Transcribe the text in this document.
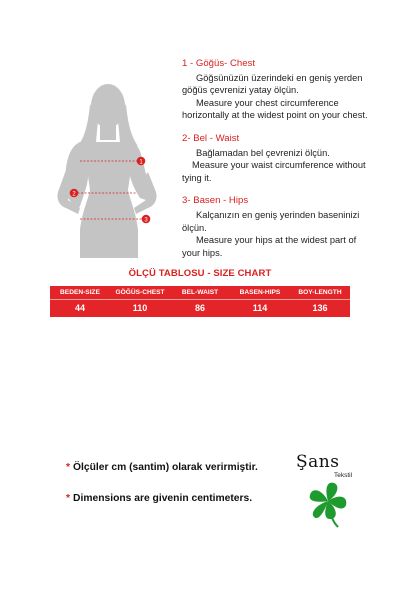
1
2
3
1 - Göğüs- Chest
Göğsünüzün üzerindeki en geniş yerden
göğüs çevrenizi yatay ölçün.
Measure your chest circumference
horizontally at the widest point on your chest.
2- Bel - Waist
Bağlamadan bel çevrenizi ölçün.
Measure your waist circumference without
tying it.
3- Basen - Hips
Kalçanızın en geniş yerinden baseninizi
ölçün.
Measure your hips at the widest part of
your hips.
ÖLÇÜ TABLOSU - SIZE CHART
BEDEN-SIZE	GÖĞÜS-CHEST	BEL-WAIST	BASEN-HIPS	BOY-LENGTH
44	110	86	114	136
* Ölçüler cm (santim) olarak verirmiştir.
* Dimensions are givenin centimeters.
Şans
Tekstil
